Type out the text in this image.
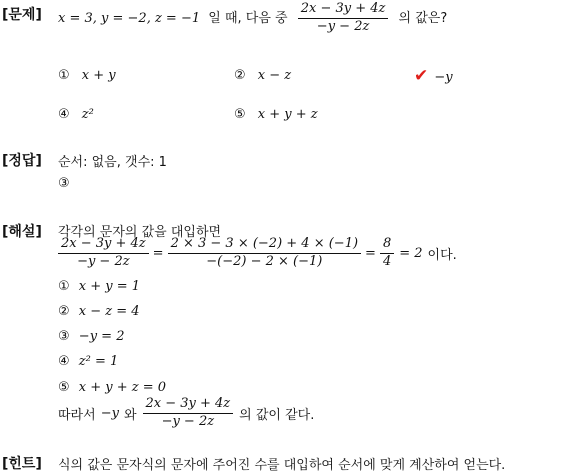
[문제] x = 3, y = −2, z = −1 일 때, 다음 중 $\frac{2x - 3y + 4z}{-y - 2z}$ 의 값은?
① x + y	② x − z	✔ −y
④ z²	⑤ x + y + z
[정답] 순서: 없음, 갯수: 1
③
[해설] 각각의 문자의 값을 대입하면
$\frac{2x - 3y + 4z}{-y - 2z} = \frac{2 \times 3 - 3 \times (-2) + 4 \times (-1)}{-(-2) - 2 \times (-1)} = \frac{8}{4} = 2$ 이다.
① x + y = 1
② x − z = 4
③ −y = 2
④ z² = 1
⑤ x + y + z = 0
따라서 −y 와 $\frac{2x - 3y + 4z}{-y - 2z}$ 의 값이 같다.
[힌트] 식의 값은 문자식의 문자에 주어진 수를 대입하여 순서에 맞게 계산하여 얻는다.
